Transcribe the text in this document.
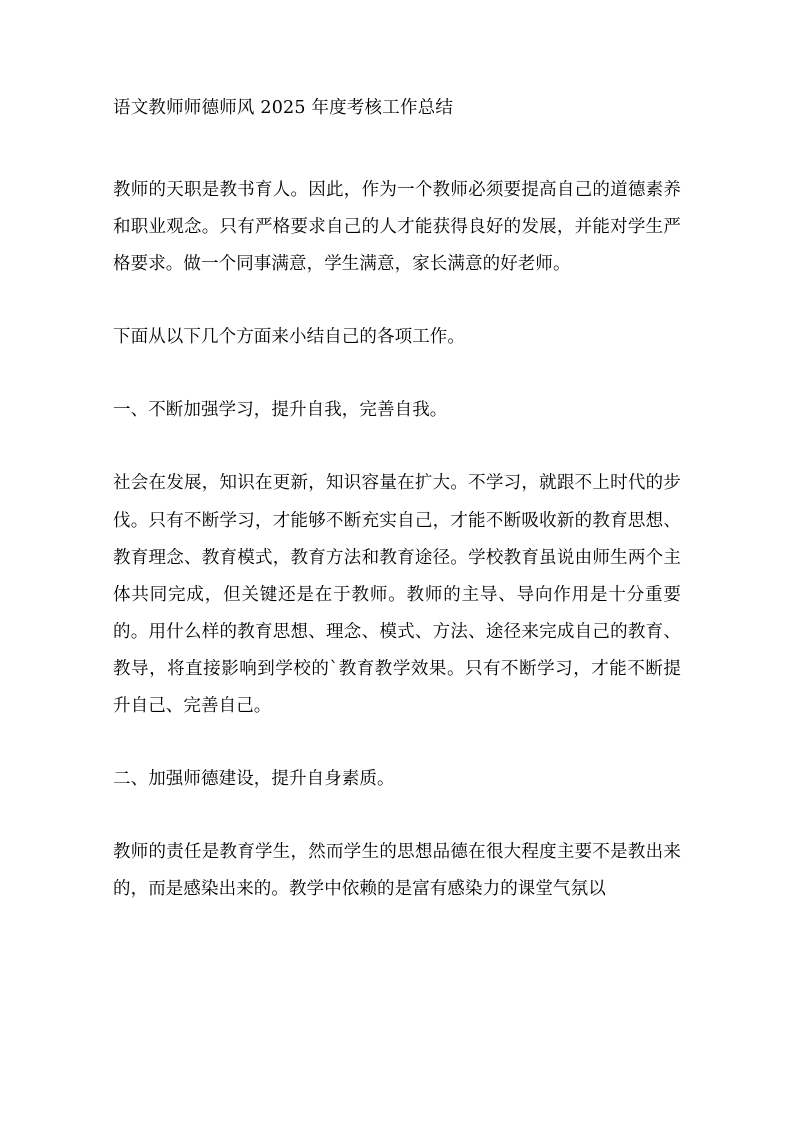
语文教师师德师风 2025 年度考核工作总结

教师的天职是教书育人。因此，作为一个教师必须要提高自己的道德素养和职业观念。只有严格要求自己的人才能获得良好的发展，并能对学生严格要求。做一个同事满意，学生满意，家长满意的好老师。

下面从以下几个方面来小结自己的各项工作。

一、不断加强学习，提升自我，完善自我。

社会在发展，知识在更新，知识容量在扩大。不学习，就跟不上时代的步伐。只有不断学习，才能够不断充实自己，才能不断吸收新的教育思想、教育理念、教育模式，教育方法和教育途径。学校教育虽说由师生两个主体共同完成，但关键还是在于教师。教师的主导、导向作用是十分重要的。用什么样的教育思想、理念、模式、方法、途径来完成自己的教育、教导，将直接影响到学校的`教育教学效果。只有不断学习，才能不断提升自己、完善自己。

二、加强师德建设，提升自身素质。

教师的责任是教育学生，然而学生的思想品德在很大程度主要不是教出来的，而是感染出来的。教学中依赖的是富有感染力的课堂气氛以
